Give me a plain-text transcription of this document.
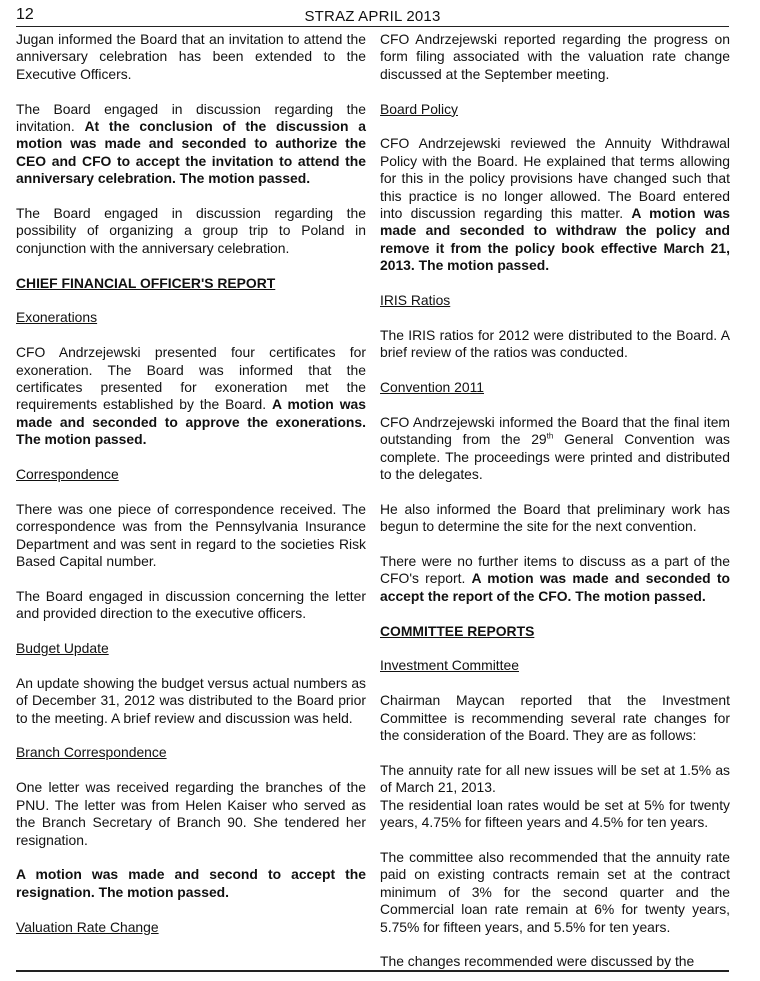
12	STRAZ APRIL 2013

Jugan informed the Board that an invitation to attend the anniversary celebration has been extended to the Executive Officers.

The Board engaged in discussion regarding the invitation. At the conclusion of the discussion a motion was made and seconded to authorize the CEO and CFO to accept the invitation to attend the anniversary celebration. The motion passed.

The Board engaged in discussion regarding the possibility of organizing a group trip to Poland in conjunction with the anniversary celebration.

CHIEF FINANCIAL OFFICER'S REPORT

Exonerations

CFO Andrzejewski presented four certificates for exoneration. The Board was informed that the certificates presented for exoneration met the requirements established by the Board. A motion was made and seconded to approve the exonerations. The motion passed.

Correspondence

There was one piece of correspondence received. The correspondence was from the Pennsylvania Insurance Department and was sent in regard to the societies Risk Based Capital number.

The Board engaged in discussion concerning the letter and provided direction to the executive officers.

Budget Update

An update showing the budget versus actual numbers as of December 31, 2012 was distributed to the Board prior to the meeting. A brief review and discussion was held.

Branch Correspondence

One letter was received regarding the branches of the PNU. The letter was from Helen Kaiser who served as the Branch Secretary of Branch 90. She tendered her resignation.

A motion was made and second to accept the resignation. The motion passed.

Valuation Rate Change

CFO Andrzejewski reported regarding the progress on form filing associated with the valuation rate change discussed at the September meeting.

Board Policy

CFO Andrzejewski reviewed the Annuity Withdrawal Policy with the Board. He explained that terms allowing for this in the policy provisions have changed such that this practice is no longer allowed. The Board entered into discussion regarding this matter. A motion was made and seconded to withdraw the policy and remove it from the policy book effective March 21, 2013. The motion passed.

IRIS Ratios

The IRIS ratios for 2012 were distributed to the Board. A brief review of the ratios was conducted.

Convention 2011

CFO Andrzejewski informed the Board that the final item outstanding from the 29th General Convention was complete. The proceedings were printed and distributed to the delegates.

He also informed the Board that preliminary work has begun to determine the site for the next convention.

There were no further items to discuss as a part of the CFO's report. A motion was made and seconded to accept the report of the CFO. The motion passed.

COMMITTEE REPORTS

Investment Committee

Chairman Maycan reported that the Investment Committee is recommending several rate changes for the consideration of the Board. They are as follows:

The annuity rate for all new issues will be set at 1.5% as of March 21, 2013.

The residential loan rates would be set at 5% for twenty years, 4.75% for fifteen years and 4.5% for ten years.

The committee also recommended that the annuity rate paid on existing contracts remain set at the contract minimum of 3% for the second quarter and the Commercial loan rate remain at 6% for twenty years, 5.75% for fifteen years, and 5.5% for ten years.

The changes recommended were discussed by the
